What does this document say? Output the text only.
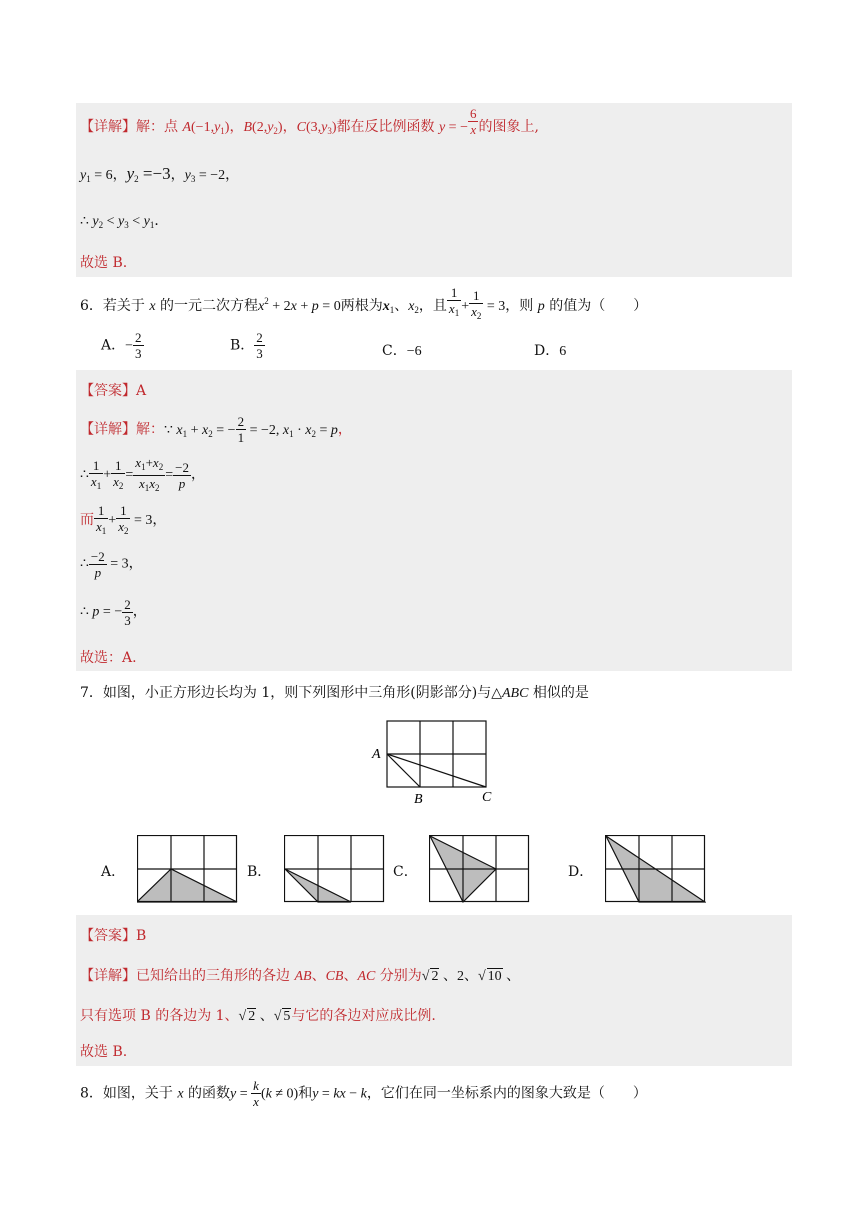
【详解】解：点 $A(-1,y_1)$，$B(2,y_2)$，$C(3,y_3)$都在反比例函数 y = − $\frac{6}{x}$ 的图象上,
$y_1 = 6$，$y_2 =-3$，$y_3 = -2$，
∴ $y_2 < y_3 < y_1$．
故选 B.
6．若关于 x 的一元二次方程$x^2 + 2x + p = 0$两根为$x_1$、$x_2$，且 $\frac{1}{x_1} + \frac{1}{x_2} = 3$，则 p 的值为（　　）
A．− $\frac{2}{3}$	B． $\frac{2}{3}$	C．−6	D．6
【答案】A
【详解】解：∵ $x_1 + x_2$ = − $\frac{2}{1} = -2$, $x_1 \cdot x_2 = p$，
∴ $\frac{1}{x_1} + \frac{1}{x_2} = \frac{x_1+x_2}{x_1x_2} = \frac{-2}{p}$ ，
而 $\frac{1}{x_1} + \frac{1}{x_2} = 3$，
∴ $\frac{-2}{p} = 3$，
∴ p = − $\frac{2}{3}$ ，
故选：A.
7．如图，小正方形边长均为 1，则下列图形中三角形(阴影部分)与△ABC 相似的是
A
B	C
A．	B．	C．	D．
【答案】B
【详解】已知给出的三角形的各边 AB、CB、AC 分别为√ 2 、2、√ 10 、
只有选项 B 的各边为 1、√ 2 、√ 5与它的各边对应成比例.
故选 B.
8．如图，关于 x 的函数$y = \frac{k}{x} (k \ne 0)$和y = kx − k，它们在同一坐标系内的图象大致是（　　）
